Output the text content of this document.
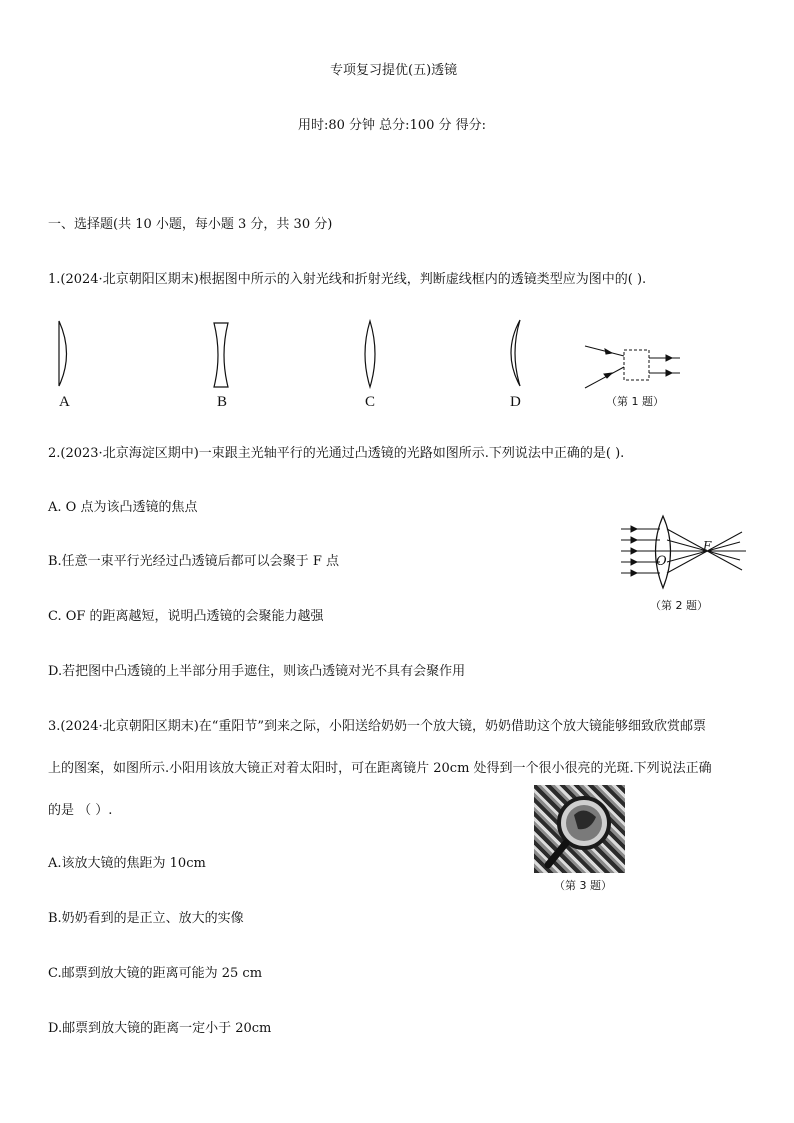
专项复习提优(五)透镜
用时:80 分钟 总分:100 分 得分:
一、选择题(共 10 小题，每小题 3 分，共 30 分)
1.(2024·北京朝阳区期末)根据图中所示的入射光线和折射光线，判断虚线框内的透镜类型应为图中的( ).
A	B	C	D	（第 1 题）
2.(2023·北京海淀区期中)一束跟主光轴平行的光通过凸透镜的光路如图所示.下列说法中正确的是( ).
A. O 点为该凸透镜的焦点
B.任意一束平行光经过凸透镜后都可以会聚于 F 点
C. OF 的距离越短，说明凸透镜的会聚能力越强
D.若把图中凸透镜的上半部分用手遮住，则该凸透镜对光不具有会聚作用
O
F
（第 2 题）
3.(2024·北京朝阳区期末)在“重阳节”到来之际，小阳送给奶奶一个放大镜，奶奶借助这个放大镜能够细致欣赏邮票
上的图案，如图所示.小阳用该放大镜正对着太阳时，可在距离镜片 20cm 处得到一个很小很亮的光斑.下列说法正确
的是 （ ）.
（第 3 题）
A.该放大镜的焦距为 10cm
B.奶奶看到的是正立、放大的实像
C.邮票到放大镜的距离可能为 25 cm
D.邮票到放大镜的距离一定小于 20cm
